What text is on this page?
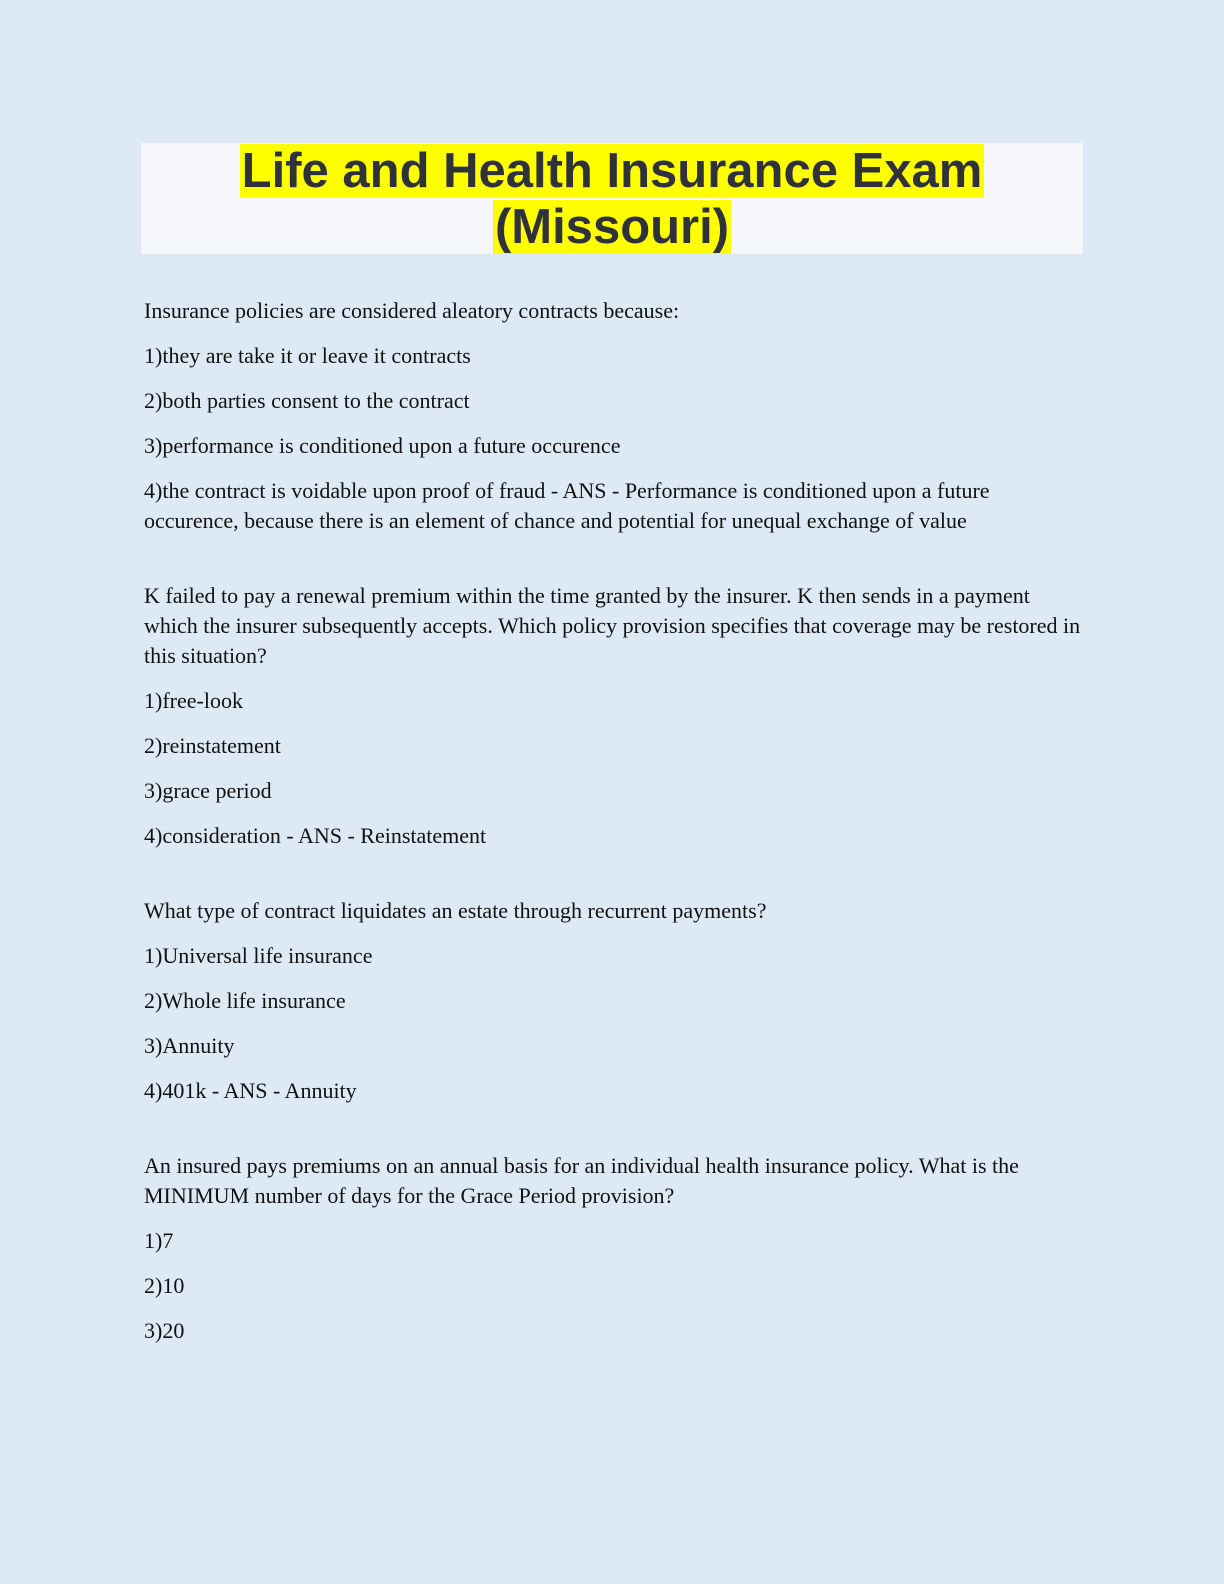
Life and Health Insurance Exam
(Missouri)

Insurance policies are considered aleatory contracts because:

1)they are take it or leave it contracts

2)both parties consent to the contract

3)performance is conditioned upon a future occurence

4)the contract is voidable upon proof of fraud - ANS - Performance is conditioned upon a future occurence, because there is an element of chance and potential for unequal exchange of value

K failed to pay a renewal premium within the time granted by the insurer. K then sends in a payment which the insurer subsequently accepts. Which policy provision specifies that coverage may be restored in this situation?

1)free-look

2)reinstatement

3)grace period

4)consideration - ANS - Reinstatement

What type of contract liquidates an estate through recurrent payments?

1)Universal life insurance

2)Whole life insurance

3)Annuity

4)401k - ANS - Annuity

An insured pays premiums on an annual basis for an individual health insurance policy. What is the MINIMUM number of days for the Grace Period provision?

1)7

2)10

3)20
